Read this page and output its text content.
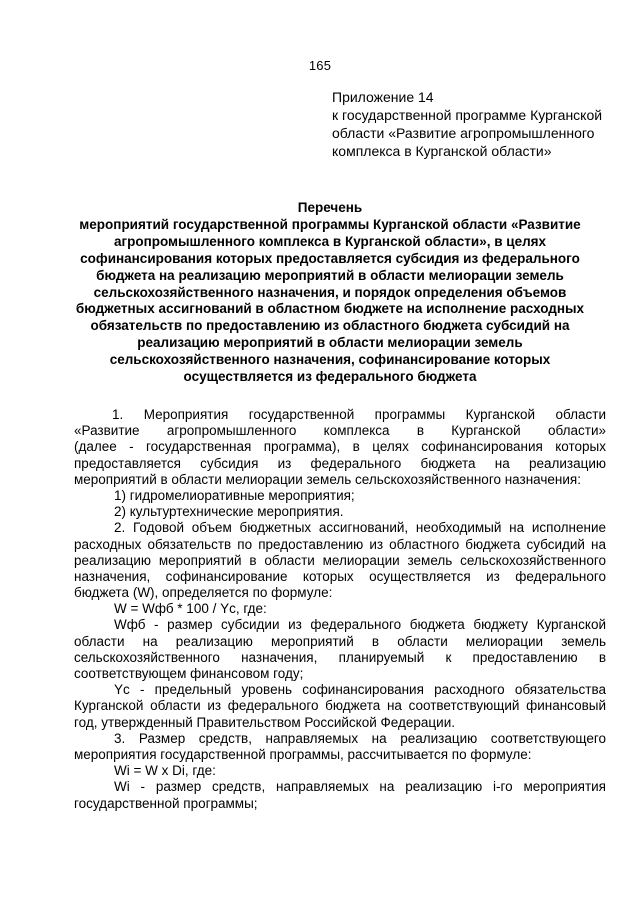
165
Приложение 14
к государственной программе Курганской
области «Развитие агропромышленного
комплекса в Курганской области»
Перечень
мероприятий государственной программы Курганской области «Развитие
агропромышленного комплекса в Курганской области», в целях
софинансирования которых предоставляется субсидия из федерального
бюджета на реализацию мероприятий в области мелиорации земель
сельскохозяйственного назначения, и порядок определения объемов
бюджетных ассигнований в областном бюджете на исполнение расходных
обязательств по предоставлению из областного бюджета субсидий на
реализацию мероприятий в области мелиорации земель
сельскохозяйственного назначения, софинансирование которых
осуществляется из федерального бюджета
1. Мероприятия государственной программы Курганской области
«Развитие агропромышленного комплекса в Курганской области»
(далее - государственная программа), в целях софинансирования которых
предоставляется субсидия из федерального бюджета на реализацию
мероприятий в области мелиорации земель сельскохозяйственного назначения:
1) гидромелиоративные мероприятия;
2) культуртехнические мероприятия.
2. Годовой объем бюджетных ассигнований, необходимый на исполнение
расходных обязательств по предоставлению из областного бюджета субсидий на
реализацию мероприятий в области мелиорации земель сельскохозяйственного
назначения, софинансирование которых осуществляется из федерального
бюджета (W), определяется по формуле:
W = Wфб * 100 / Yc, где:
Wфб - размер субсидии из федерального бюджета бюджету Курганской
области на реализацию мероприятий в области мелиорации земель
сельскохозяйственного назначения, планируемый к предоставлению в
соответствующем финансовом году;
Yc - предельный уровень софинансирования расходного обязательства
Курганской области из федерального бюджета на соответствующий финансовый
год, утвержденный Правительством Российской Федерации.
3. Размер средств, направляемых на реализацию соответствующего
мероприятия государственной программы, рассчитывается по формуле:
Wi = W x Di, где:
Wi - размер средств, направляемых на реализацию i-го мероприятия
государственной программы;
